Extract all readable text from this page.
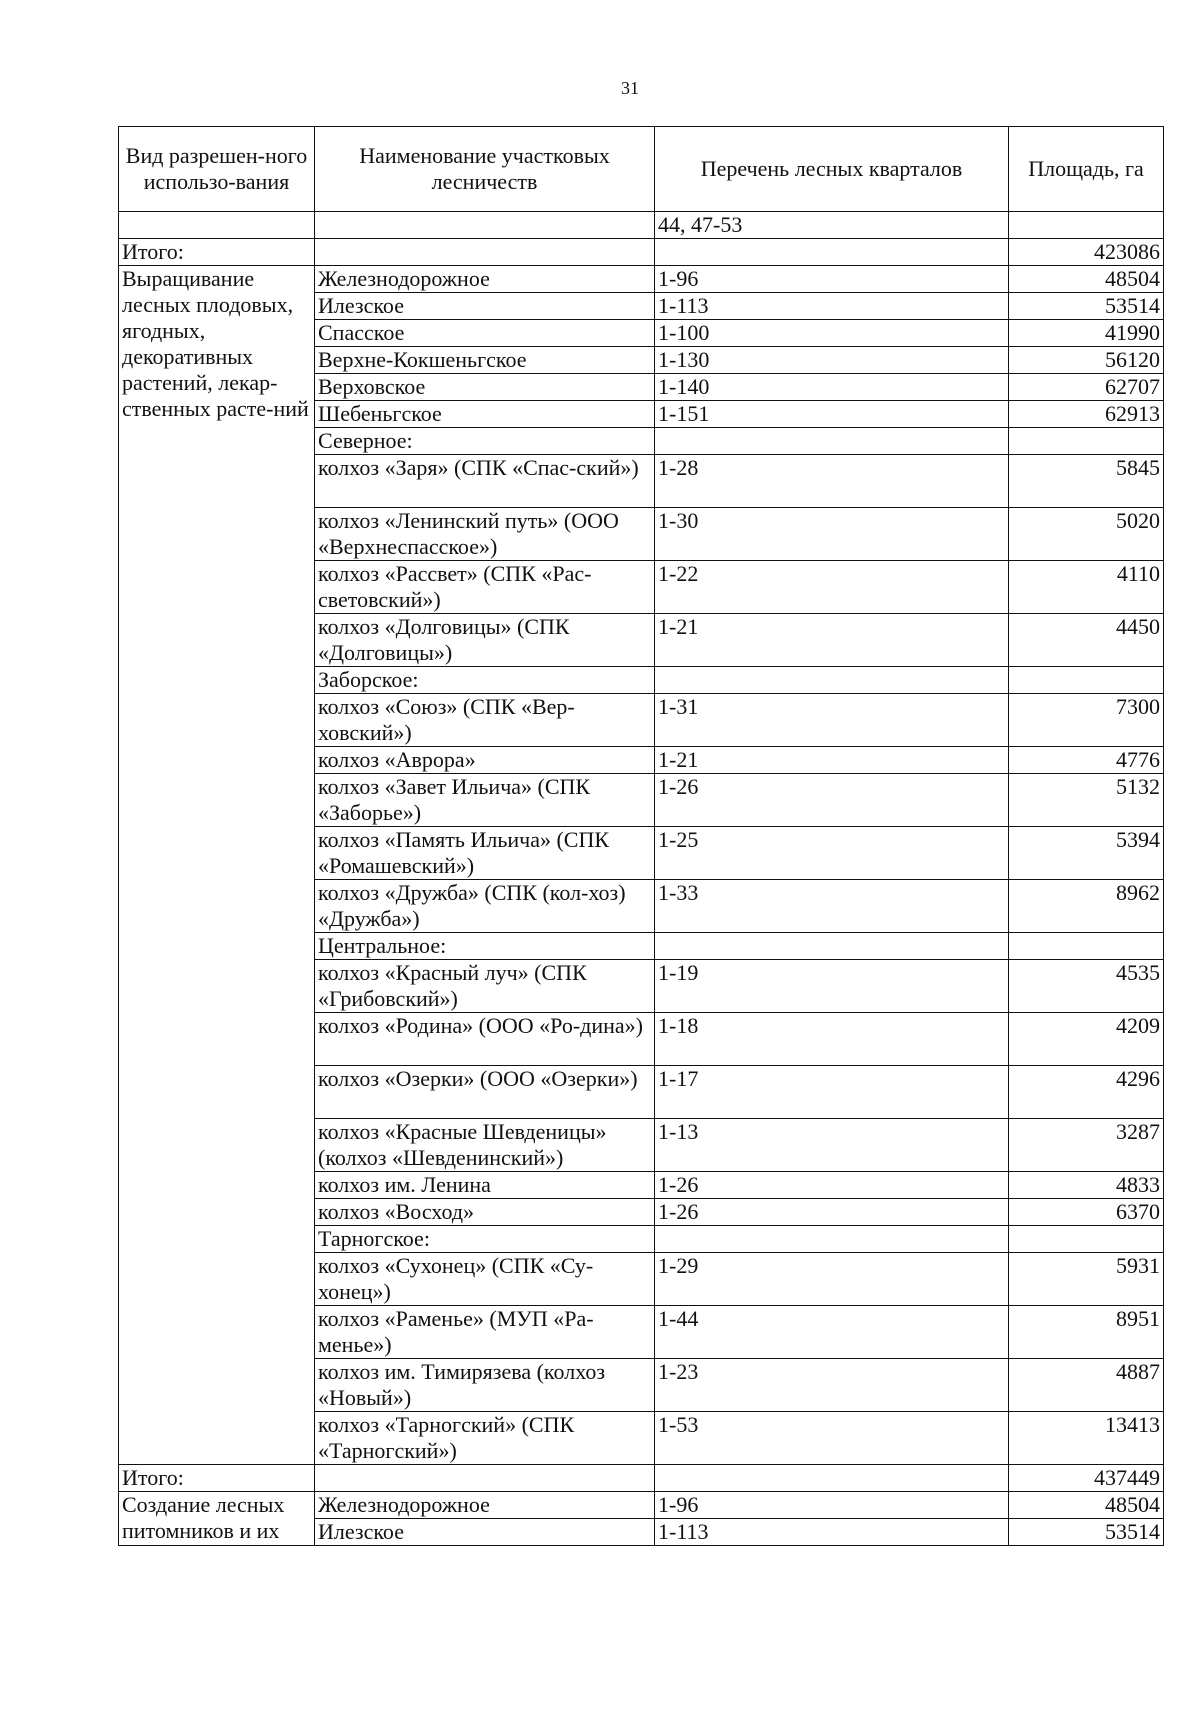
31
Вид разрешен-ного использо-вания	Наименование участковых лесничеств	Перечень лесных кварталов	Площадь, га
		44, 47-53	
Итого:			423086
Выращивание лесных плодовых, ягодных, декоративных растений, лекар-ственных расте-ний	Железнодорожное	1-96	48504
	Илезское	1-113	53514
	Спасское	1-100	41990
	Верхне-Кокшеньгское	1-130	56120
	Верховское	1-140	62707
	Шебеньгское	1-151	62913
	Северное:		
	колхоз «Заря» (СПК «Спас-ский»)	1-28	5845
	колхоз «Ленинский путь» (ООО «Верхнеспасское»)	1-30	5020
	колхоз «Рассвет» (СПК «Рас-световский»)	1-22	4110
	колхоз «Долговицы» (СПК «Долговицы»)	1-21	4450
	Заборское:		
	колхоз «Союз» (СПК «Вер-ховский»)	1-31	7300
	колхоз «Аврора»	1-21	4776
	колхоз «Завет Ильича» (СПК «Заборье»)	1-26	5132
	колхоз «Память Ильича» (СПК «Ромашевский»)	1-25	5394
	колхоз «Дружба» (СПК (кол-хоз) «Дружба»)	1-33	8962
	Центральное:		
	колхоз «Красный луч» (СПК «Грибовский»)	1-19	4535
	колхоз «Родина» (ООО «Ро-дина»)	1-18	4209
	колхоз «Озерки» (ООО «Озерки»)	1-17	4296
	колхоз «Красные Шевденицы» (колхоз «Шевденинский»)	1-13	3287
	колхоз им. Ленина	1-26	4833
	колхоз «Восход»	1-26	6370
	Тарногское:		
	колхоз «Сухонец» (СПК «Су-хонец»)	1-29	5931
	колхоз «Раменье» (МУП «Ра-менье»)	1-44	8951
	колхоз им. Тимирязева (колхоз «Новый»)	1-23	4887
	колхоз «Тарногский» (СПК «Тарногский»)	1-53	13413
Итого:			437449
Создание лесных питомников и их	Железнодорожное	1-96	48504
	Илезское	1-113	53514
